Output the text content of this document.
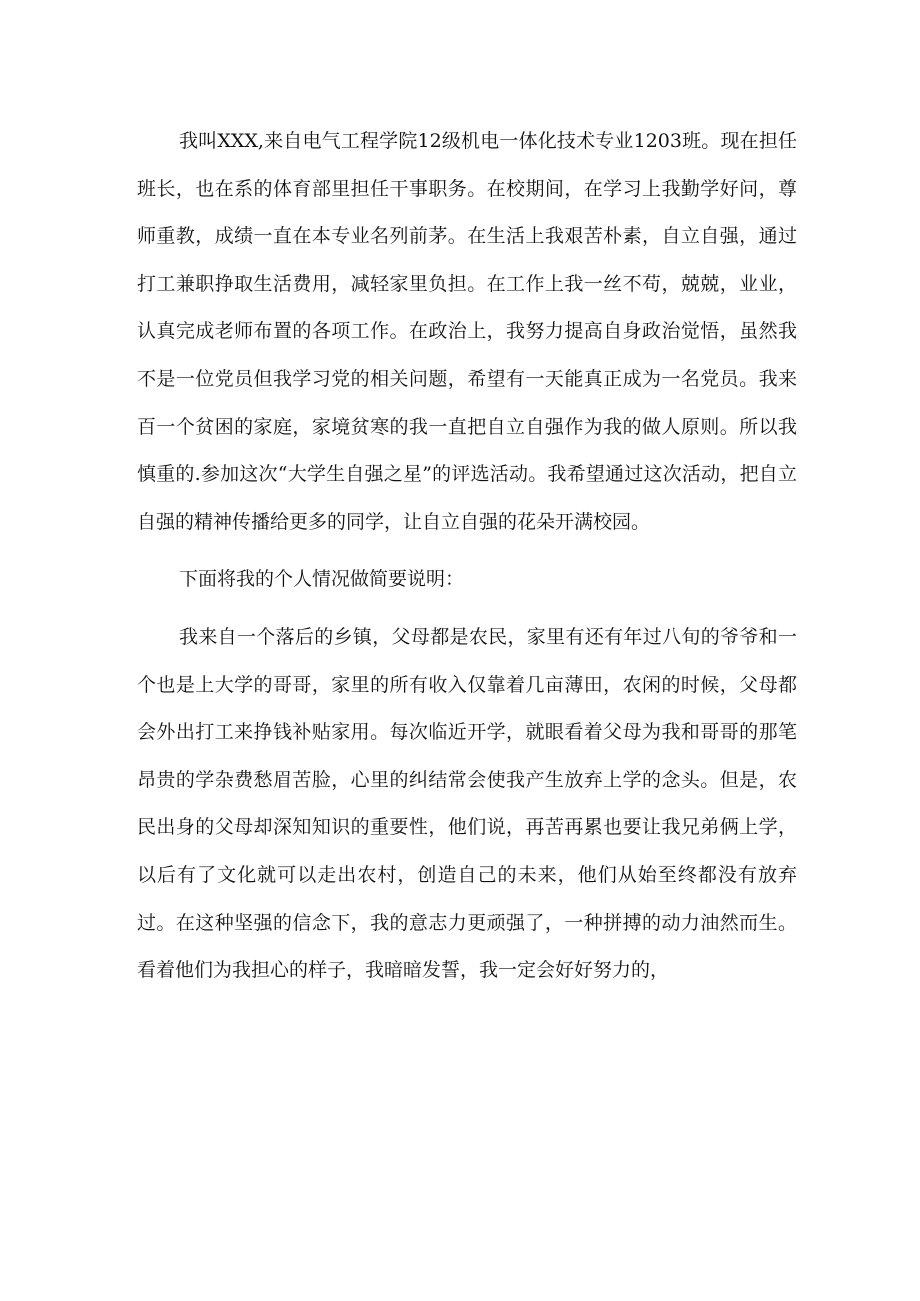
我叫XXX,来自电气工程学院12级机电一体化技术专业1203班。现在担任班长，也在系的体育部里担任干事职务。在校期间，在学习上我勤学好问，尊师重教，成绩一直在本专业名列前茅。在生活上我艰苦朴素，自立自强，通过打工兼职挣取生活费用，减轻家里负担。在工作上我一丝不苟，兢兢，业业，认真完成老师布置的各项工作。在政治上，我努力提高自身政治觉悟，虽然我不是一位党员但我学习党的相关问题，希望有一天能真正成为一名党员。我来百一个贫困的家庭，家境贫寒的我一直把自立自强作为我的做人原则。所以我慎重的.参加这次“大学生自强之星”的评选活动。我希望通过这次活动，把自立自强的精神传播给更多的同学，让自立自强的花朵开满校园。

下面将我的个人情况做简要说明：

我来自一个落后的乡镇，父母都是农民，家里有还有年过八旬的爷爷和一个也是上大学的哥哥，家里的所有收入仅靠着几亩薄田，农闲的时候，父母都会外出打工来挣钱补贴家用。每次临近开学，就眼看着父母为我和哥哥的那笔昂贵的学杂费愁眉苦脸，心里的纠结常会使我产生放弃上学的念头。但是，农民出身的父母却深知知识的重要性，他们说，再苦再累也要让我兄弟俩上学，以后有了文化就可以走出农村，创造自己的未来，他们从始至终都没有放弃过。在这种坚强的信念下，我的意志力更顽强了，一种拼搏的动力油然而生。看着他们为我担心的样子，我暗暗发誓，我一定会好好努力的，
